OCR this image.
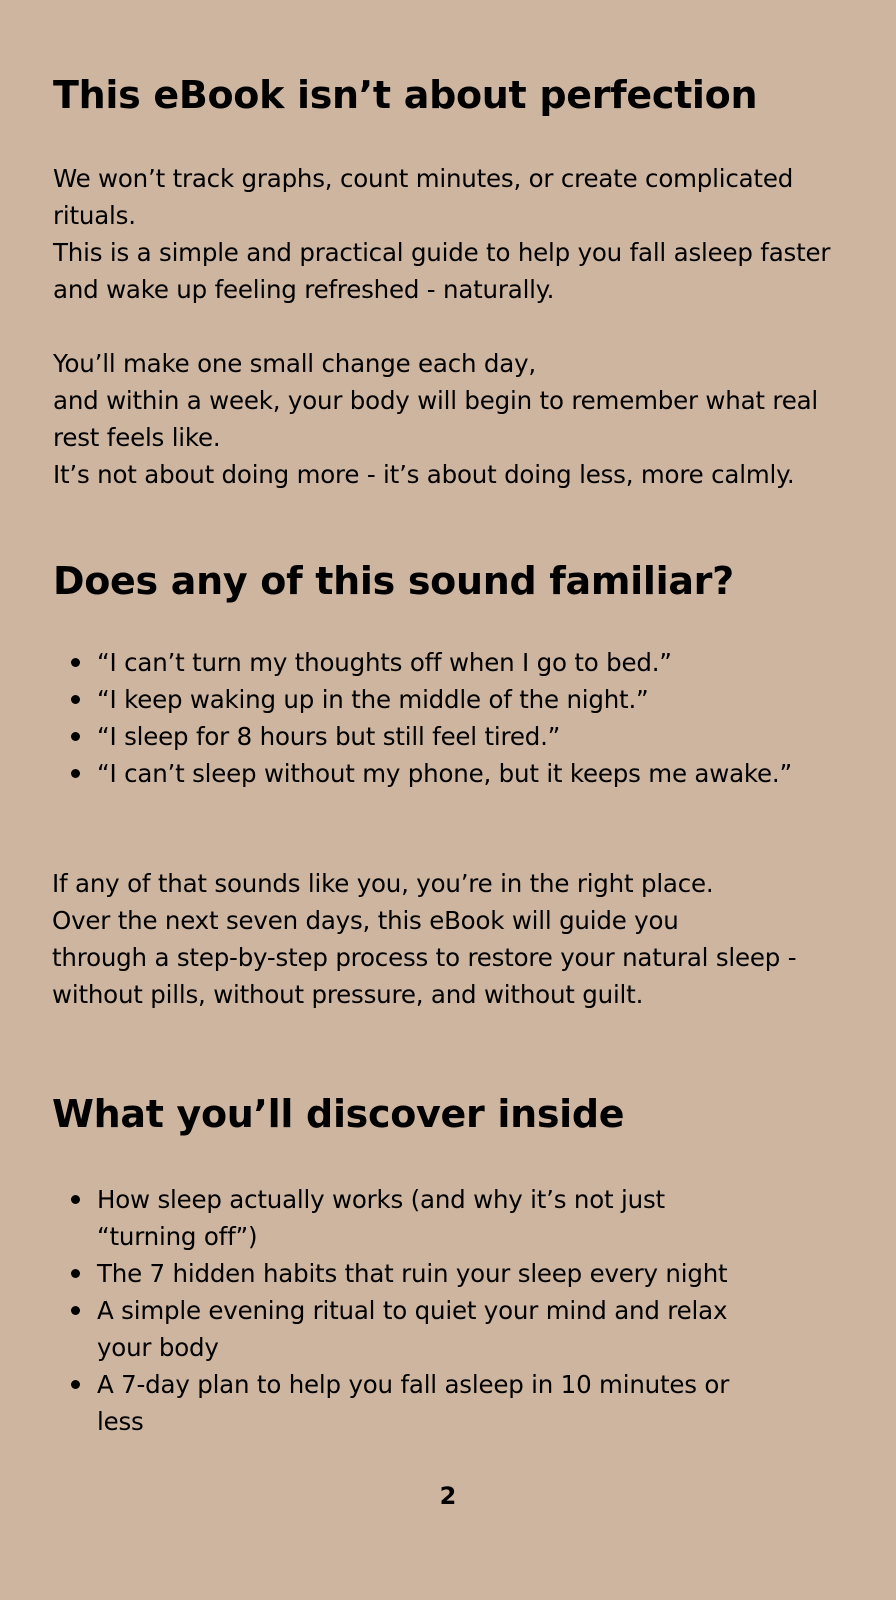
This eBook isn’t about perfection

We won’t track graphs, count minutes, or create complicated
rituals.
This is a simple and practical guide to help you fall asleep faster
and wake up feeling refreshed - naturally.

You’ll make one small change each day,
and within a week, your body will begin to remember what real
rest feels like.
It’s not about doing more - it’s about doing less, more calmly.

Does any of this sound familiar?
“I can’t turn my thoughts off when I go to bed.”
“I keep waking up in the middle of the night.”
“I sleep for 8 hours but still feel tired.”
“I can’t sleep without my phone, but it keeps me awake.”

If any of that sounds like you, you’re in the right place.
Over the next seven days, this eBook will guide you
through a step-by-step process to restore your natural sleep -
without pills, without pressure, and without guilt.

What you’ll discover inside
How sleep actually works (and why it’s not just
“turning off”)
The 7 hidden habits that ruin your sleep every night
A simple evening ritual to quiet your mind and relax
your body
A 7-day plan to help you fall asleep in 10 minutes or
less
2
